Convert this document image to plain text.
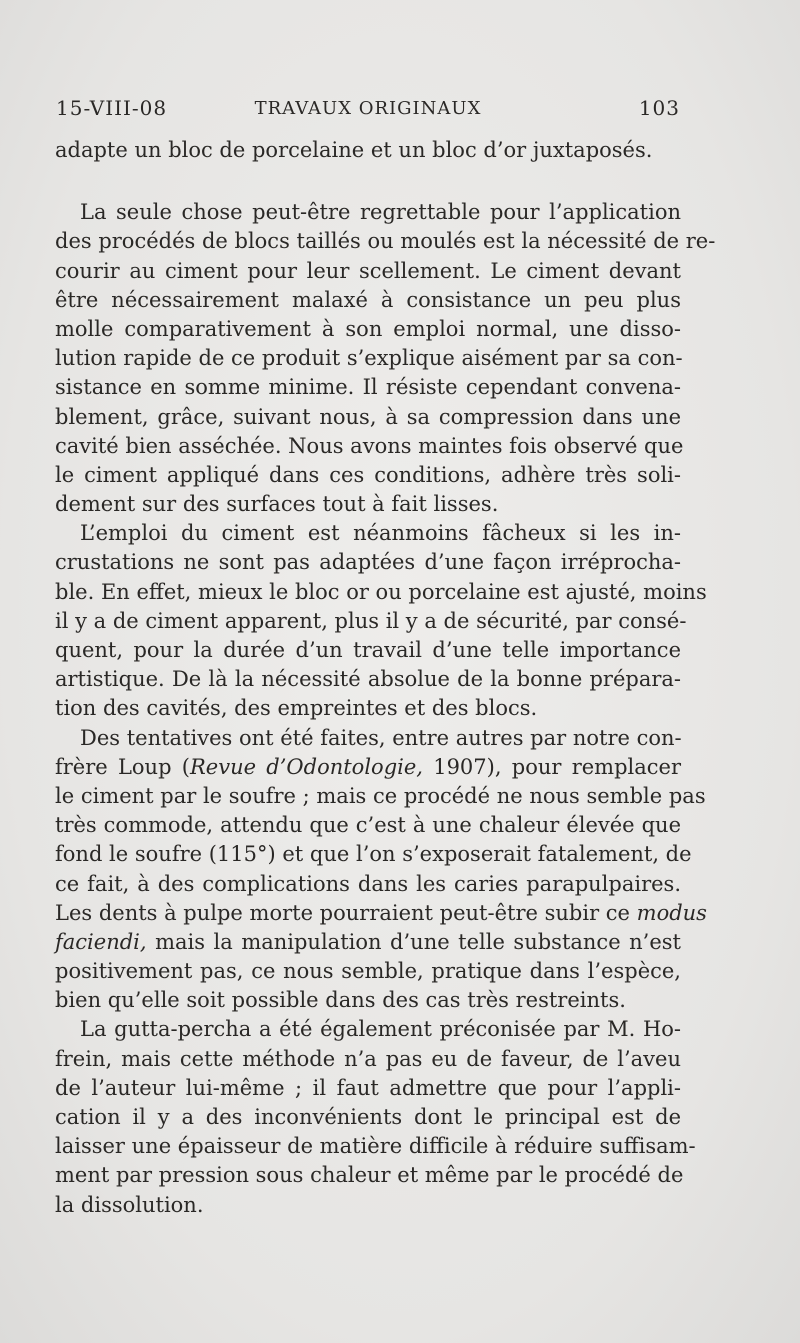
15-VIII-08	TRAVAUX ORIGINAUX	103
adapte un bloc de porcelaine et un bloc d’or juxtaposés.
La seule chose peut-être regrettable pour l’application
des procédés de blocs taillés ou moulés est la nécessité de re-
courir au ciment pour leur scellement. Le ciment devant
être nécessairement malaxé à consistance un peu plus
molle comparativement à son emploi normal, une disso-
lution rapide de ce produit s’explique aisément par sa con-
sistance en somme minime. Il résiste cependant convena-
blement, grâce, suivant nous, à sa compression dans une
cavité bien asséchée. Nous avons maintes fois observé que
le ciment appliqué dans ces conditions, adhère très soli-
dement sur des surfaces tout à fait lisses.
L’emploi du ciment est néanmoins fâcheux si les in-
crustations ne sont pas adaptées d’une façon irréprocha-
ble. En effet, mieux le bloc or ou porcelaine est ajusté, moins
il y a de ciment apparent, plus il y a de sécurité, par consé-
quent, pour la durée d’un travail d’une telle importance
artistique. De là la nécessité absolue de la bonne prépara-
tion des cavités, des empreintes et des blocs.
Des tentatives ont été faites, entre autres par notre con-
frère Loup (Revue d’Odontologie, 1907), pour remplacer
le ciment par le soufre ; mais ce procédé ne nous semble pas
très commode, attendu que c’est à une chaleur élevée que
fond le soufre (115°) et que l’on s’exposerait fatalement, de
ce fait, à des complications dans les caries parapulpaires.
Les dents à pulpe morte pourraient peut-être subir ce modus
faciendi, mais la manipulation d’une telle substance n’est
positivement pas, ce nous semble, pratique dans l’espèce,
bien qu’elle soit possible dans des cas très restreints.
La gutta-percha a été également préconisée par M. Ho-
frein, mais cette méthode n’a pas eu de faveur, de l’aveu
de l’auteur lui-même ; il faut admettre que pour l’appli-
cation il y a des inconvénients dont le principal est de
laisser une épaisseur de matière difficile à réduire suffisam-
ment par pression sous chaleur et même par le procédé de
la dissolution.
